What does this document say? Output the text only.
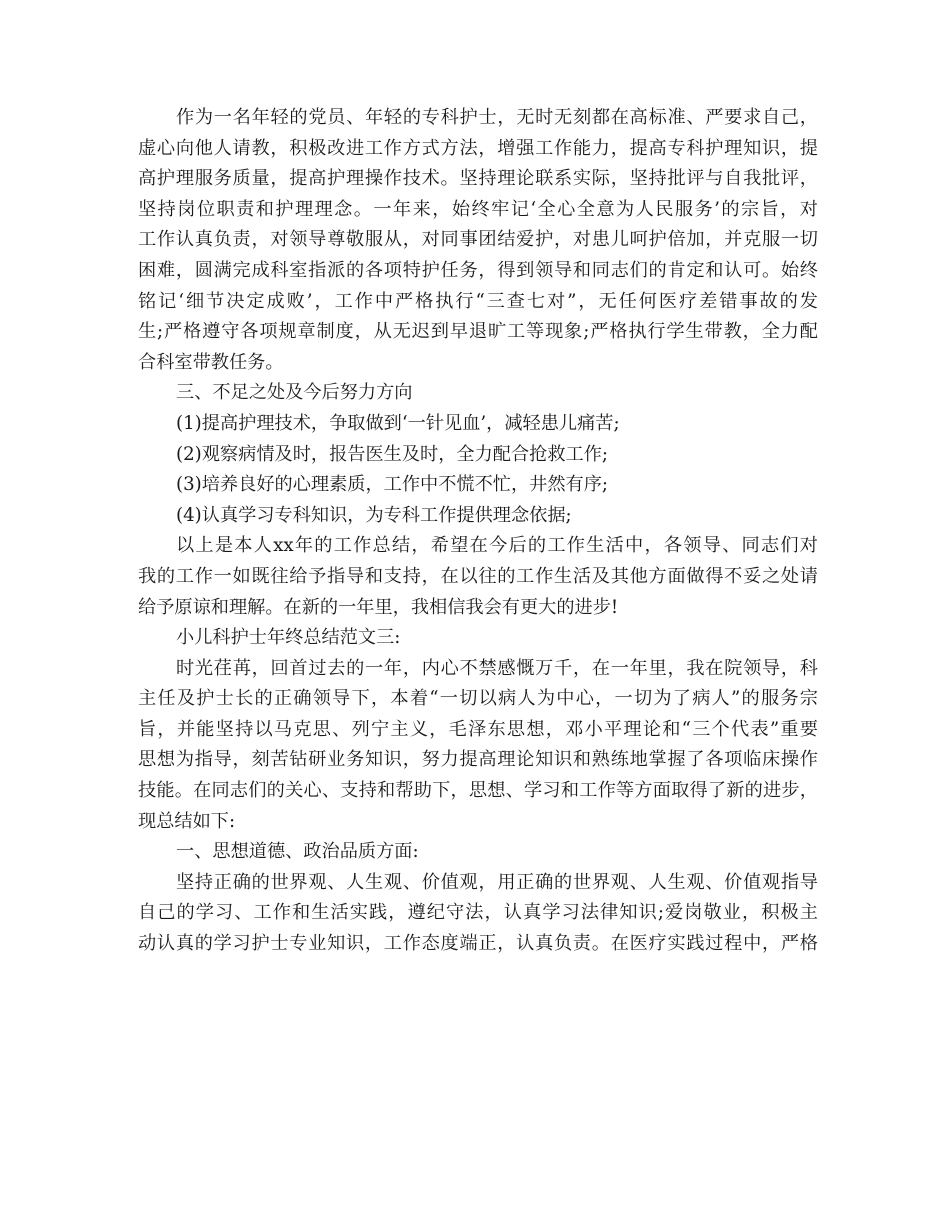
作为一名年轻的党员、年轻的专科护士，无时无刻都在高标准、严要求自己，
虚心向他人请教，积极改进工作方式方法，增强工作能力，提高专科护理知识，提
高护理服务质量，提高护理操作技术。坚持理论联系实际，坚持批评与自我批评，
坚持岗位职责和护理理念。一年来，始终牢记‘全心全意为人民服务’的宗旨，对
工作认真负责，对领导尊敬服从，对同事团结爱护，对患儿呵护倍加，并克服一切
困难，圆满完成科室指派的各项特护任务，得到领导和同志们的肯定和认可。始终
铭记‘细节决定成败’，工作中严格执行“三查七对”，无任何医疗差错事故的发
生;严格遵守各项规章制度，从无迟到早退旷工等现象;严格执行学生带教，全力配
合科室带教任务。
三、不足之处及今后努力方向
(1)提高护理技术，争取做到‘一针见血’，减轻患儿痛苦;
(2)观察病情及时，报告医生及时，全力配合抢救工作;
(3)培养良好的心理素质，工作中不慌不忙，井然有序;
(4)认真学习专科知识，为专科工作提供理念依据;
以上是本人xx年的工作总结，希望在今后的工作生活中，各领导、同志们对
我的工作一如既往给予指导和支持，在以往的工作生活及其他方面做得不妥之处请
给予原谅和理解。在新的一年里，我相信我会有更大的进步!
小儿科护士年终总结范文三:
时光荏苒，回首过去的一年，内心不禁感慨万千，在一年里，我在院领导，科
主任及护士长的正确领导下，本着“一切以病人为中心，一切为了病人”的服务宗
旨，并能坚持以马克思、列宁主义，毛泽东思想，邓小平理论和“三个代表”重要
思想为指导，刻苦钻研业务知识，努力提高理论知识和熟练地掌握了各项临床操作
技能。在同志们的关心、支持和帮助下，思想、学习和工作等方面取得了新的进步，
现总结如下:
一、思想道德、政治品质方面:
坚持正确的世界观、人生观、价值观，用正确的世界观、人生观、价值观指导
自己的学习、工作和生活实践，遵纪守法，认真学习法律知识;爱岗敬业，积极主
动认真的学习护士专业知识，工作态度端正，认真负责。在医疗实践过程中，严格
